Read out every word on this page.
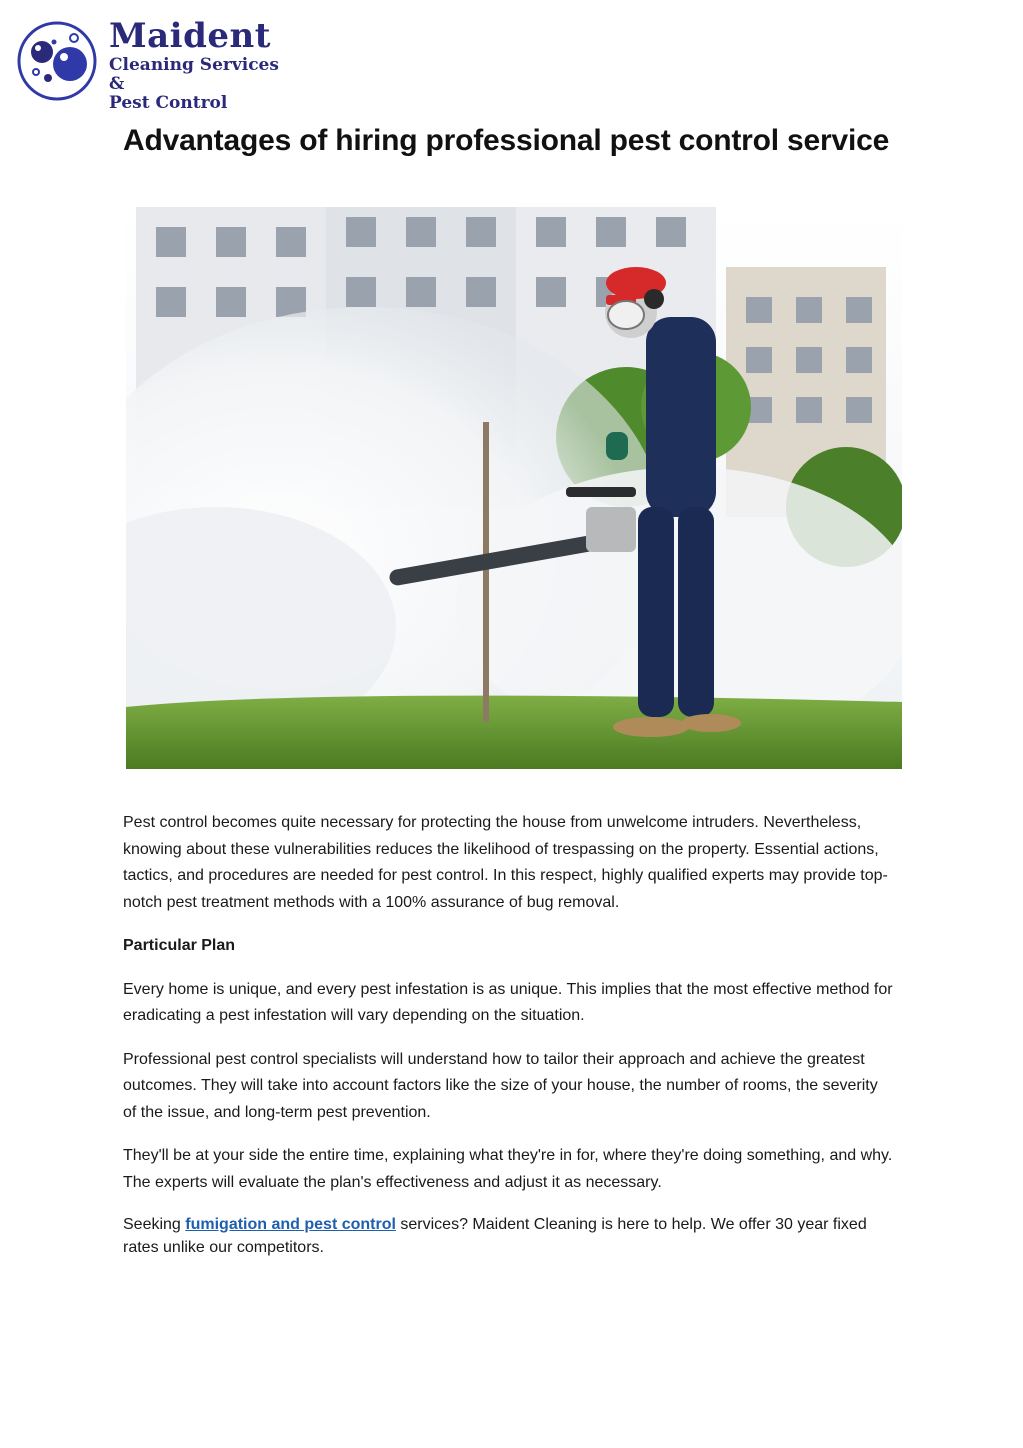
Maident
Cleaning Services &
Pest Control
Advantages of hiring professional pest control service

Pest control becomes quite necessary for protecting the house from unwelcome intruders. Nevertheless, knowing about these vulnerabilities reduces the likelihood of trespassing on the property. Essential actions, tactics, and procedures are needed for pest control. In this respect, highly qualified experts may provide top-notch pest treatment methods with a 100% assurance of bug removal.

Particular Plan

Every home is unique, and every pest infestation is as unique. This implies that the most effective method for eradicating a pest infestation will vary depending on the situation.

Professional pest control specialists will understand how to tailor their approach and achieve the greatest outcomes. They will take into account factors like the size of your house, the number of rooms, the severity of the issue, and long-term pest prevention.

They'll be at your side the entire time, explaining what they're in for, where they're doing something, and why. The experts will evaluate the plan's effectiveness and adjust it as necessary.

Seeking fumigation and pest control services? Maident Cleaning is here to help. We offer 30 year fixed rates unlike our competitors.
